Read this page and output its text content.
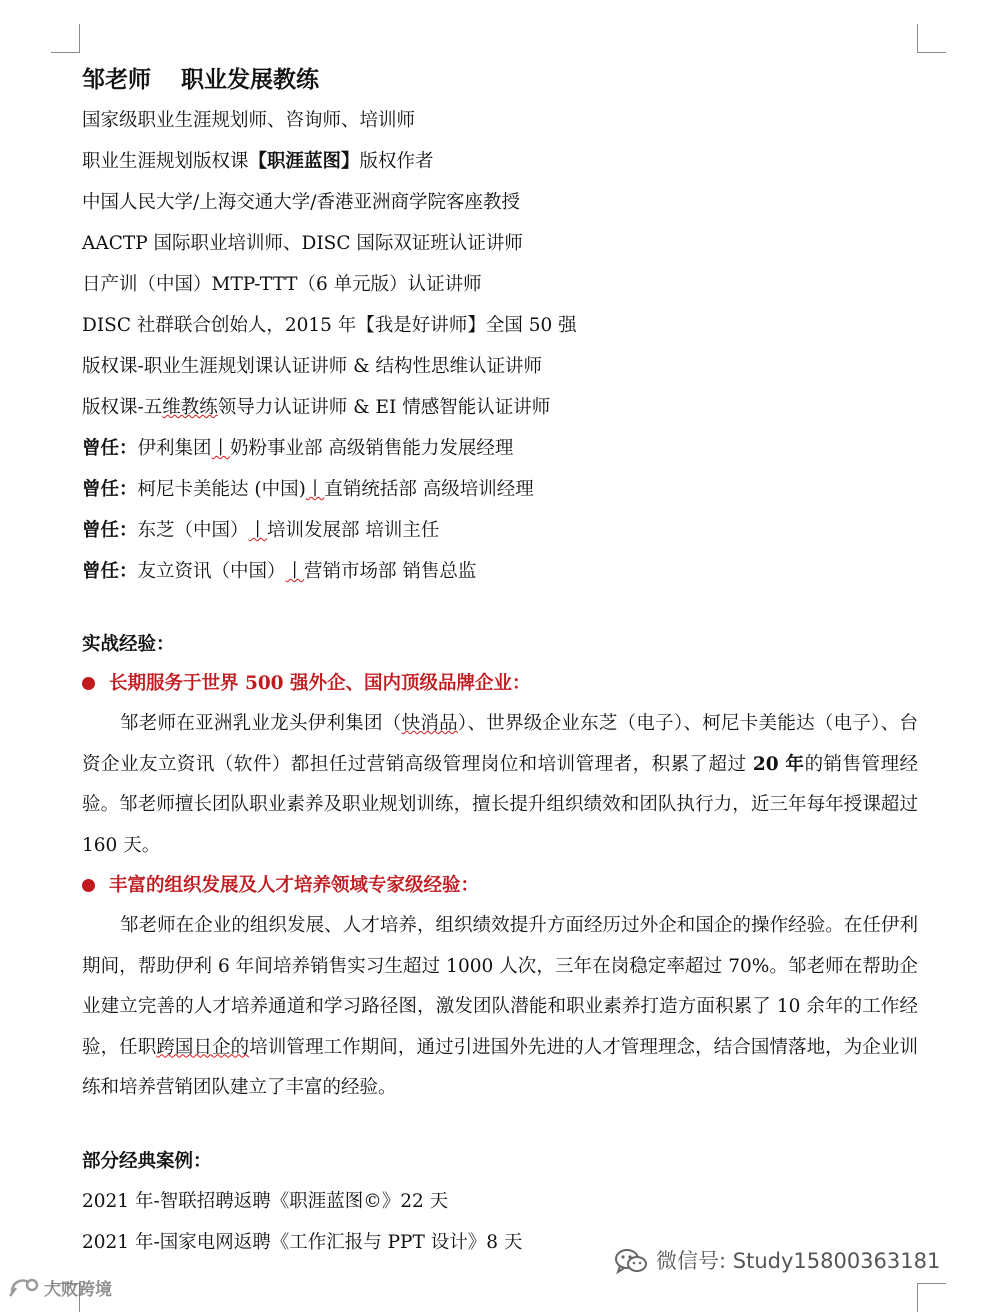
邹老师 职业发展教练
国家级职业生涯规划师、咨询师、培训师
职业生涯规划版权课【职涯蓝图】版权作者
中国人民大学/上海交通大学/香港亚洲商学院客座教授
AACTP 国际职业培训师、DISC 国际双证班认证讲师
日产训（中国）MTP-TTT（6 单元版）认证讲师
DISC 社群联合创始人，2015 年【我是好讲师】全国 50 强
版权课-职业生涯规划课认证讲师 & 结构性思维认证讲师
版权课-五维教练领导力认证讲师 & EI 情感智能认证讲师
曾任：伊利集团丨奶粉事业部 高级销售能力发展经理
曾任：柯尼卡美能达 (中国)丨直销统括部 高级培训经理
曾任：东芝（中国）丨培训发展部 培训主任
曾任：友立资讯（中国）丨营销市场部 销售总监
实战经验：
长期服务于世界 500 强外企、国内顶级品牌企业：
邹老师在亚洲乳业龙头伊利集团（快消品）、世界级企业东芝（电子）、柯尼卡美能达（电子）、台资企业友立资讯（软件）都担任过营销高级管理岗位和培训管理者，积累了超过 20 年的销售管理经验。邹老师擅长团队职业素养及职业规划训练，擅长提升组织绩效和团队执行力，近三年每年授课超过 160 天。
丰富的组织发展及人才培养领域专家级经验：
邹老师在企业的组织发展、人才培养，组织绩效提升方面经历过外企和国企的操作经验。在任伊利期间，帮助伊利 6 年间培养销售实习生超过 1000 人次，三年在岗稳定率超过 70%。邹老师在帮助企业建立完善的人才培养通道和学习路径图，激发团队潜能和职业素养打造方面积累了 10 余年的工作经验，任职跨国日企的培训管理工作期间，通过引进国外先进的人才管理理念，结合国情落地，为企业训练和培养营销团队建立了丰富的经验。
部分经典案例：
2021 年-智联招聘返聘《职涯蓝图©》22 天
2021 年-国家电网返聘《工作汇报与 PPT 设计》8 天
微信号: Study15800363181
大败跨境
